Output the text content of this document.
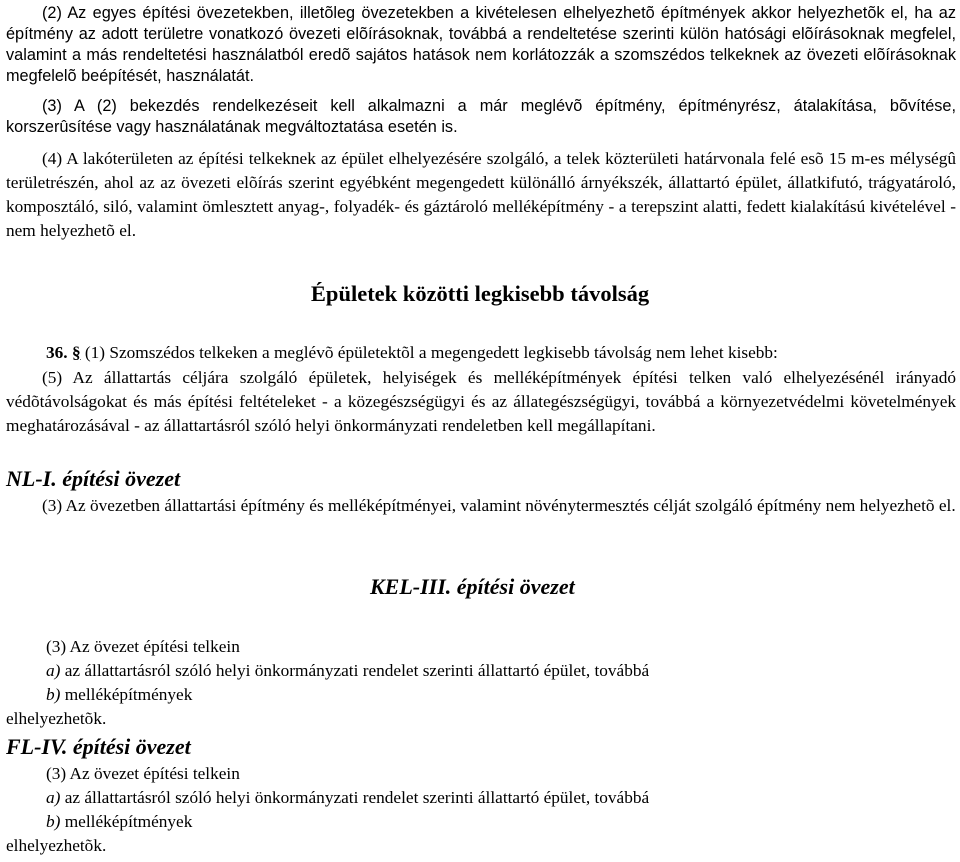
(2) Az egyes építési övezetekben, illetõleg övezetekben a kivételesen elhelyezhetõ építmények akkor helyezhetõk el, ha az építmény az adott területre vonatkozó övezeti elõírásoknak, továbbá a rendeltetése szerinti külön hatósági elõírásoknak megfelel, valamint a más rendeltetési használatból eredõ sajátos hatások nem korlátozzák a szomszédos telkeknek az övezeti elõírásoknak megfelelõ beépítését, használatát.

(3) A (2) bekezdés rendelkezéseit kell alkalmazni a már meglévõ építmény, építményrész, átalakítása, bõvítése, korszerûsítése vagy használatának megváltoztatása esetén is.

(4) A lakóterületen az építési telkeknek az épület elhelyezésére szolgáló, a telek közterületi határvonala felé esõ 15 m-es mélységû területrészén, ahol az az övezeti elõírás szerint egyébként megengedett különálló árnyékszék, állattartó épület, állatkifutó, trágyatároló, komposztáló, siló, valamint ömlesztett anyag-, folyadék- és gáztároló melléképítmény - a terepszint alatti, fedett kialakítású kivételével - nem helyezhetõ el.

Épületek közötti legkisebb távolság

36. § (1) Szomszédos telkeken a meglévõ épületektõl a megengedett legkisebb távolság nem lehet kisebb:

(5) Az állattartás céljára szolgáló épületek, helyiségek és melléképítmények építési telken való elhelyezésénél irányadó védõtávolságokat és más építési feltételeket - a közegészségügyi és az állategészségügyi, továbbá a környezetvédelmi követelmények meghatározásával - az állattartásról szóló helyi önkormányzati rendeletben kell megállapítani.

NL-I. építési övezet

(3) Az övezetben állattartási építmény és melléképítményei, valamint növénytermesztés célját szolgáló építmény nem helyezhetõ el.

KEL-III. építési övezet
(3) Az övezet építési telkein
a) az állattartásról szóló helyi önkormányzati rendelet szerinti állattartó épület, továbbá
b) melléképítmények
elhelyezhetõk.
FL-IV. építési övezet
(3) Az övezet építési telkein
a) az állattartásról szóló helyi önkormányzati rendelet szerinti állattartó épület, továbbá
b) melléképítmények
elhelyezhetõk.
